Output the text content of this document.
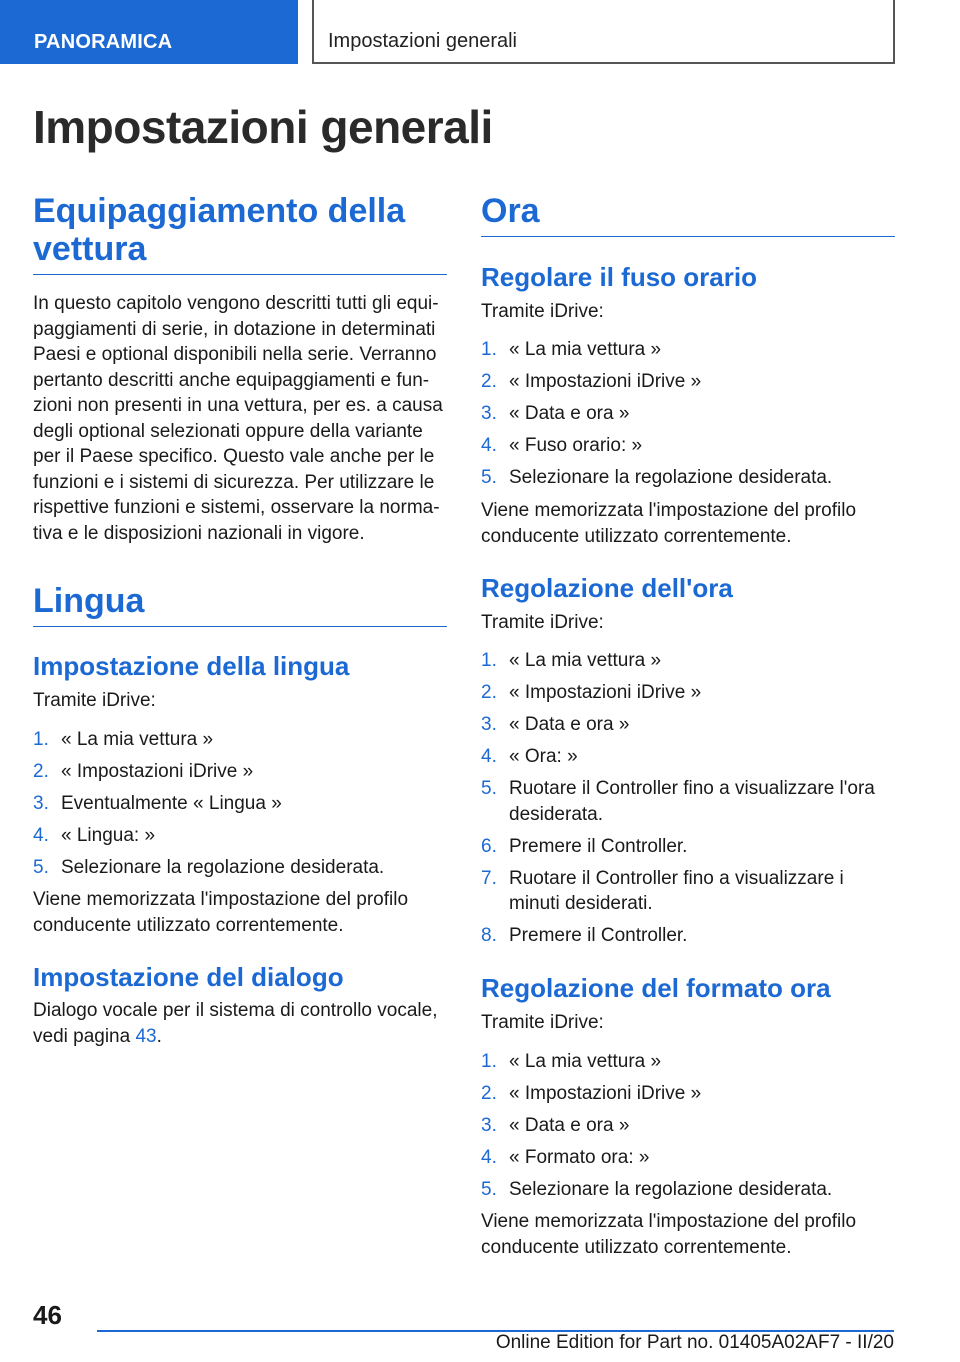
PANORAMICA	Impostazioni generali
Impostazioni generali
Equipaggiamento della vettura

In questo capitolo vengono descritti tutti gli equipaggiamenti di serie, in dotazione in determinati Paesi e optional disponibili nella serie. Verranno pertanto descritti anche equipaggiamenti e funzioni non presenti in una vettura, per es. a causa degli optional selezionati oppure della variante per il Paese specifico. Questo vale anche per le funzioni e i sistemi di sicurezza. Per utilizzare le rispettive funzioni e sistemi, osservare la normativa e le disposizioni nazionali in vigore.

Lingua
Impostazione della lingua

Tramite iDrive:

1. « La mia vettura »
2. « Impostazioni iDrive »
3. Eventualmente « Lingua »
4. « Lingua: »
5. Selezionare la regolazione desiderata.

Viene memorizzata l'impostazione del profilo conducente utilizzato correntemente.

Impostazione del dialogo

Dialogo vocale per il sistema di controllo vocale, vedi pagina 43.

Ora
Regolare il fuso orario

Tramite iDrive:

1. « La mia vettura »
2. « Impostazioni iDrive »
3. « Data e ora »
4. « Fuso orario: »
5. Selezionare la regolazione desiderata.

Viene memorizzata l'impostazione del profilo conducente utilizzato correntemente.

Regolazione dell'ora

Tramite iDrive:

1. « La mia vettura »
2. « Impostazioni iDrive »
3. « Data e ora »
4. « Ora: »
5. Ruotare il Controller fino a visualizzare l'ora desiderata.
6. Premere il Controller.
7. Ruotare il Controller fino a visualizzare i minuti desiderati.
8. Premere il Controller.
Regolazione del formato ora

Tramite iDrive:

1. « La mia vettura »
2. « Impostazioni iDrive »
3. « Data e ora »
4. « Formato ora: »
5. Selezionare la regolazione desiderata.

Viene memorizzata l'impostazione del profilo conducente utilizzato correntemente.

46
Online Edition for Part no. 01405A02AF7 - II/20
